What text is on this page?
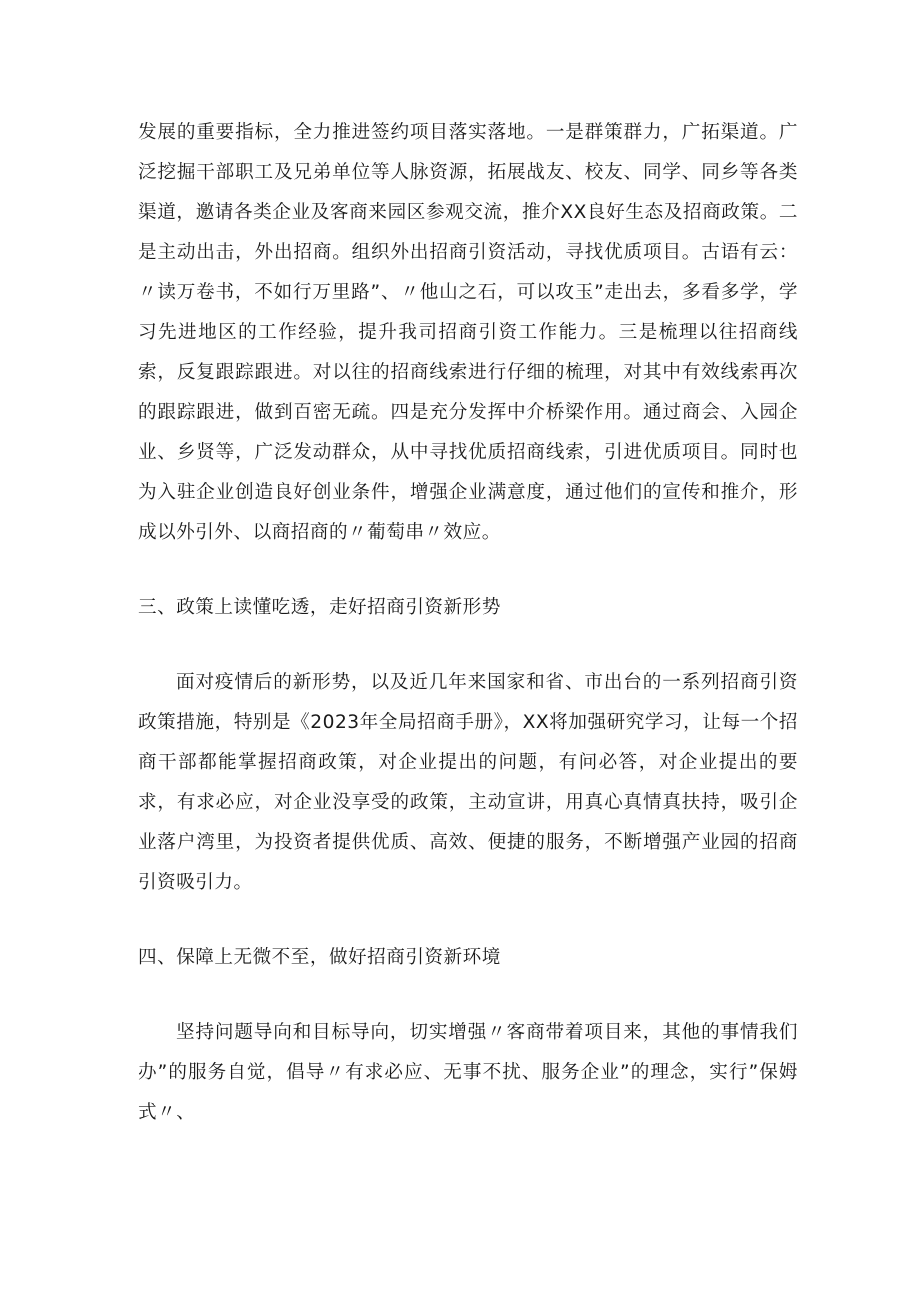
发展的重要指标，全力推进签约项目落实落地。一是群策群力，广拓渠道。广泛挖掘干部职工及兄弟单位等人脉资源，拓展战友、校友、同学、同乡等各类渠道，邀请各类企业及客商来园区参观交流，推介XX良好生态及招商政策。二是主动出击，外出招商。组织外出招商引资活动，寻找优质项目。古语有云：〃读万卷书，不如行万里路”、〃他山之石，可以攻玉”走出去，多看多学，学习先进地区的工作经验，提升我司招商引资工作能力。三是梳理以往招商线索，反复跟踪跟进。对以往的招商线索进行仔细的梳理，对其中有效线索再次的跟踪跟进，做到百密无疏。四是充分发挥中介桥梁作用。通过商会、入园企业、乡贤等，广泛发动群众，从中寻找优质招商线索，引进优质项目。同时也为入驻企业创造良好创业条件，增强企业满意度，通过他们的宣传和推介，形成以外引外、以商招商的〃葡萄串〃效应。

三、政策上读懂吃透，走好招商引资新形势

面对疫情后的新形势，以及近几年来国家和省、市出台的一系列招商引资政策措施，特别是《2023年全局招商手册》，XX将加强研究学习，让每一个招商干部都能掌握招商政策，对企业提出的问题，有问必答，对企业提出的要求，有求必应，对企业没享受的政策，主动宣讲，用真心真情真扶持，吸引企业落户湾里，为投资者提供优质、高效、便捷的服务，不断增强产业园的招商引资吸引力。

四、保障上无微不至，做好招商引资新环境

坚持问题导向和目标导向，切实增强〃客商带着项目来，其他的事情我们办”的服务自觉，倡导〃有求必应、无事不扰、服务企业”的理念，实行”保姆式〃、
